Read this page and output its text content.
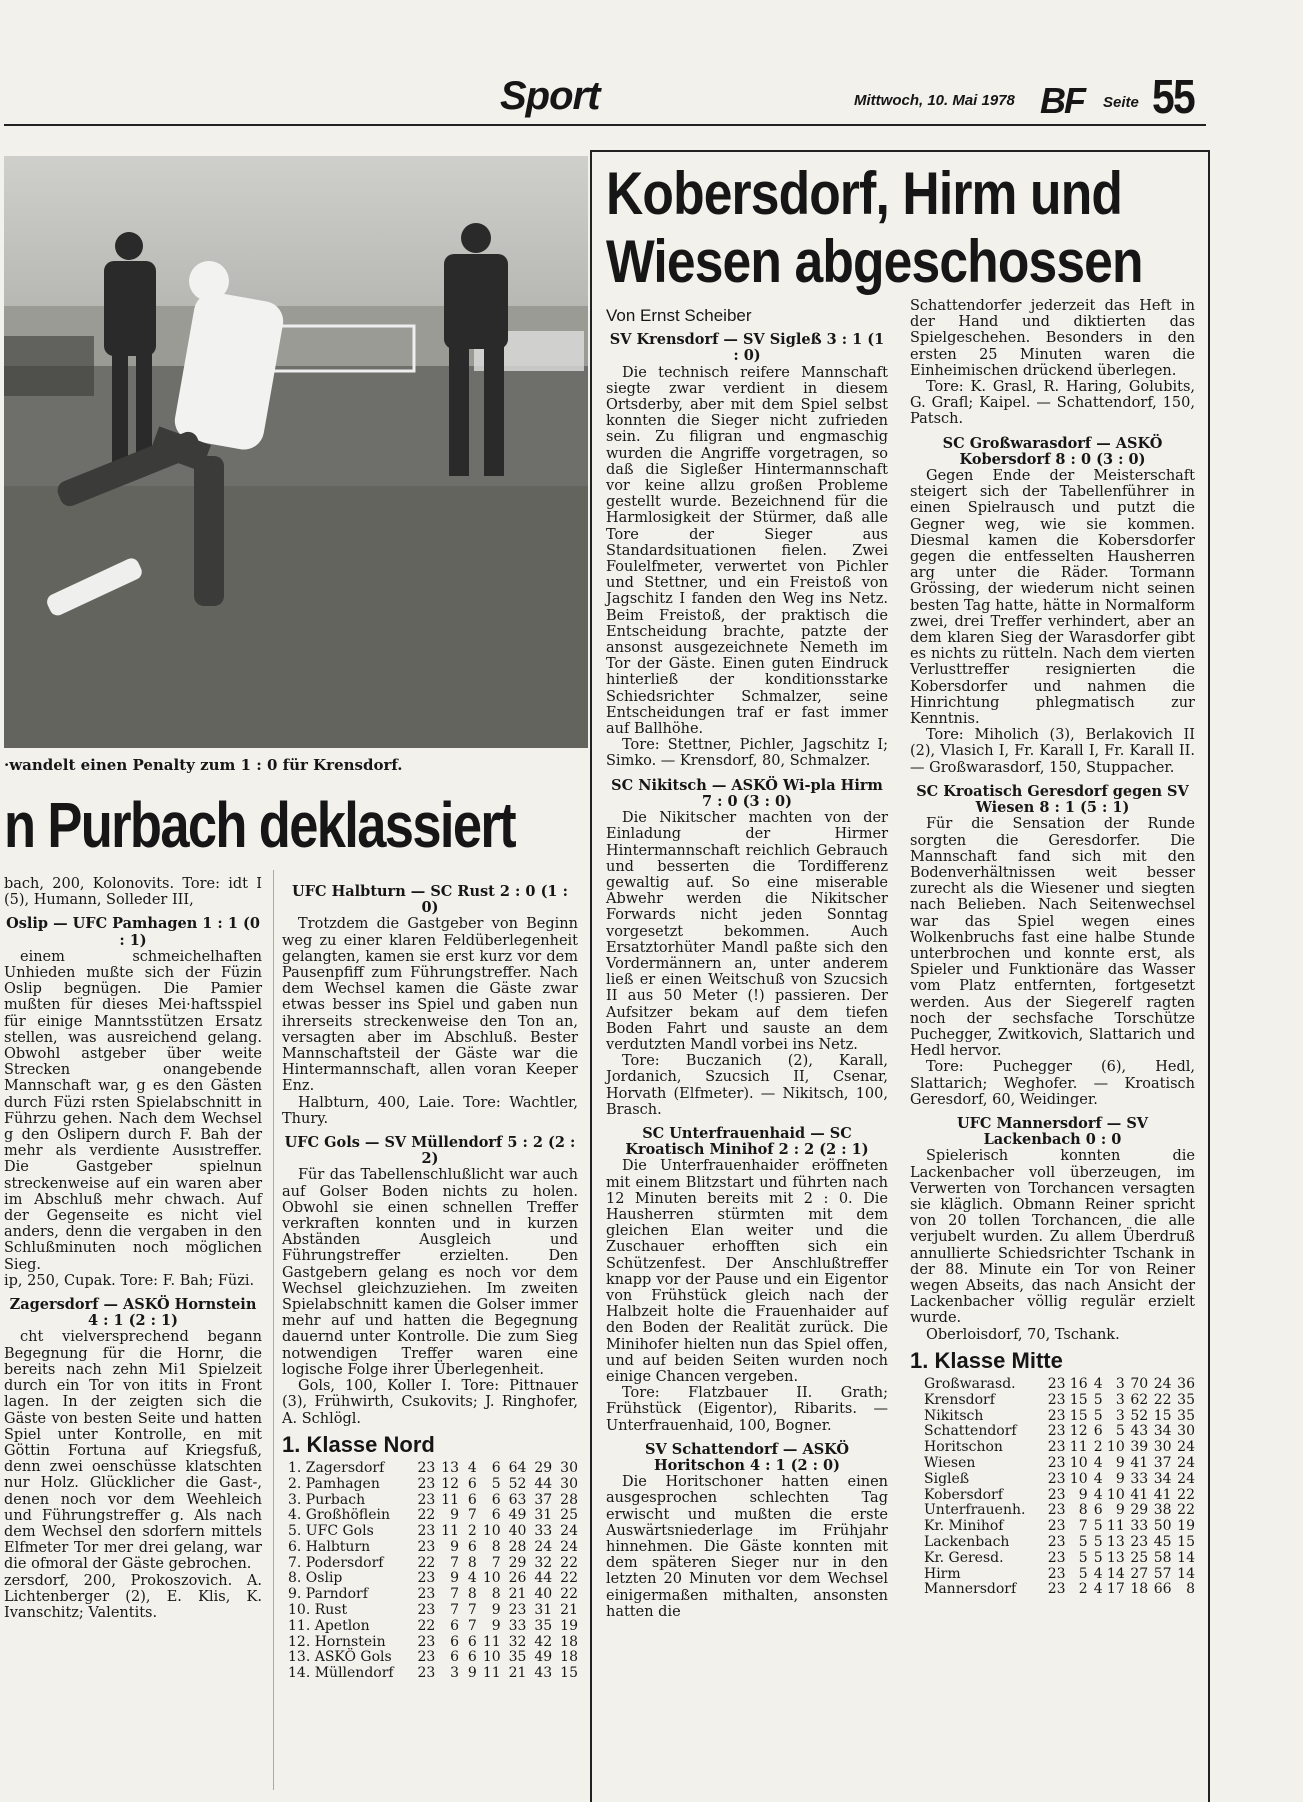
Sport	Mittwoch, 10. Mai 1978 BF Seite 55
·wandelt einen Penalty zum 1 : 0 für Krensdorf.
n Purbach deklassiert
Kobersdorf, Hirm und
Wiesen abgeschossen

bach, 200, Kolonovits. Tore: idt I (5), Humann, Solleder III,

Oslip — UFC Pamhagen 1 : 1 (0 : 1)

einem schmeichelhaften Unhieden mußte sich der Füzin Oslip begnügen. Die Pamier mußten für dieses Mei·haftsspiel für einige Manntsstützen Ersatz stellen, was ausreichend gelang. Obwohl astgeber über weite Strecken onangebende Mannschaft war, g es den Gästen durch Füzi rsten Spielabschnitt in Führzu gehen. Nach dem Wechsel g den Oslipern durch F. Bah der mehr als verdiente Ausıstreffer. Die Gastgeber spielnun streckenweise auf ein waren aber im Abschluß mehr chwach. Auf der Gegenseite es nicht viel anders, denn die vergaben in den Schlußminuten noch möglichen Sieg.

ip, 250, Cupak. Tore: F. Bah; Füzi.

Zagersdorf — ASKÖ Hornstein 4 : 1 (2 : 1)

cht vielversprechend begann Begegnung für die Hornr, die bereits nach zehn Mi1 Spielzeit durch ein Tor von itits in Front lagen. In der zeigten sich die Gäste von besten Seite und hatten Spiel unter Kontrolle, en mit Göttin Fortuna auf Kriegsfuß, denn zwei oenschüsse klatschten nur Holz. Glücklicher die Gast-, denen noch vor dem Weehleich und Führungstreffer g. Als nach dem Wechsel den sdorfern mittels Elfmeter Tor mer drei gelang, war die ofmoral der Gäste gebrochen.

zersdorf, 200, Prokoszovich. A. Lichtenberger (2), E. Klis, K. Ivanschitz; Valentits.

UFC Halbturn — SC Rust 2 : 0 (1 : 0)

Trotzdem die Gastgeber von Beginn weg zu einer klaren Feldüberlegenheit gelangten, kamen sie erst kurz vor dem Pausenpfiff zum Führungstreffer. Nach dem Wechsel kamen die Gäste zwar etwas besser ins Spiel und gaben nun ihrerseits streckenweise den Ton an, versagten aber im Abschluß. Bester Mannschaftsteil der Gäste war die Hintermannschaft, allen voran Keeper Enz.

Halbturn, 400, Laie. Tore: Wachtler, Thury.

UFC Gols — SV Müllendorf 5 : 2 (2 : 2)

Für das Tabellenschlußlicht war auch auf Golser Boden nichts zu holen. Obwohl sie einen schnellen Treffer verkraften konnten und in kurzen Abständen Ausgleich und Führungstreffer erzielten. Den Gastgebern gelang es noch vor dem Wechsel gleichzuziehen. Im zweiten Spielabschnitt kamen die Golser immer mehr auf und hatten die Begegnung dauernd unter Kontrolle. Die zum Sieg notwendigen Treffer waren eine logische Folge ihrer Überlegenheit.

Gols, 100, Koller I. Tore: Pittnauer (3), Frühwirth, Csukovits; J. Ringhofer, A. Schlögl.

1. Klasse Nord
1. Zagersdorf	23	13	4	6	64	29	30
2. Pamhagen	23	12	6	5	52	44	30
3. Purbach	23	11	6	6	63	37	28
4. Großhöflein	22	9	7	6	49	31	25
5. UFC Gols	23	11	2	10	40	33	24
6. Halbturn	23	9	6	8	28	24	24
7. Podersdorf	22	7	8	7	29	32	22
8. Oslip	23	9	4	10	26	44	22
9. Parndorf	23	7	8	8	21	40	22
10. Rust	23	7	7	9	23	31	21
11. Apetlon	22	6	7	9	33	35	19
12. Hornstein	23	6	6	11	32	42	18
13. ASKÖ Gols	23	6	6	10	35	49	18
14. Müllendorf	23	3	9	11	21	43	15

Von Ernst Scheiber

SV Krensdorf — SV Sigleß 3 : 1 (1 : 0)

Die technisch reifere Mannschaft siegte zwar verdient in diesem Ortsderby, aber mit dem Spiel selbst konnten die Sieger nicht zufrieden sein. Zu filigran und engmaschig wurden die Angriffe vorgetragen, so daß die Sigleßer Hintermannschaft vor keine allzu großen Probleme gestellt wurde. Bezeichnend für die Harmlosigkeit der Stürmer, daß alle Tore der Sieger aus Standardsituationen fielen. Zwei Foulelfmeter, verwertet von Pichler und Stettner, und ein Freistoß von Jagschitz I fanden den Weg ins Netz. Beim Freistoß, der praktisch die Entscheidung brachte, patzte der ansonst ausgezeichnete Nemeth im Tor der Gäste. Einen guten Eindruck hinterließ der konditionsstarke Schiedsrichter Schmalzer, seine Entscheidungen traf er fast immer auf Ballhöhe.

Tore: Stettner, Pichler, Jagschitz I; Simko. — Krensdorf, 80, Schmalzer.

SC Nikitsch — ASKÖ Wi-pla Hirm 7 : 0 (3 : 0)

Die Nikitscher machten von der Einladung der Hirmer Hintermannschaft reichlich Gebrauch und besserten die Tordifferenz gewaltig auf. So eine miserable Abwehr werden die Nikitscher Forwards nicht jeden Sonntag vorgesetzt bekommen. Auch Ersatztorhüter Mandl paßte sich den Vordermännern an, unter anderem ließ er einen Weitschuß von Szucsich II aus 50 Meter (!) passieren. Der Aufsitzer bekam auf dem tiefen Boden Fahrt und sauste an dem verdutzten Mandl vorbei ins Netz.

Tore: Buczanich (2), Karall, Jordanich, Szucsich II, Csenar, Horvath (Elfmeter). — Nikitsch, 100, Brasch.

SC Unterfrauenhaid — SC Kroatisch Minihof 2 : 2 (2 : 1)

Die Unterfrauenhaider eröffneten mit einem Blitzstart und führten nach 12 Minuten bereits mit 2 : 0. Die Hausherren stürmten mit dem gleichen Elan weiter und die Zuschauer erhofften sich ein Schützenfest. Der Anschlußtreffer knapp vor der Pause und ein Eigentor von Frühstück gleich nach der Halbzeit holte die Frauenhaider auf den Boden der Realität zurück. Die Minihofer hielten nun das Spiel offen, und auf beiden Seiten wurden noch einige Chancen vergeben.

Tore: Flatzbauer II. Grath; Frühstück (Eigentor), Ribarits. — Unterfrauenhaid, 100, Bogner.

SV Schattendorf — ASKÖ Horitschon 4 : 1 (2 : 0)

Die Horitschoner hatten einen ausgesprochen schlechten Tag erwischt und mußten die erste Auswärtsniederlage im Frühjahr hinnehmen. Die Gäste konnten mit dem späteren Sieger nur in den letzten 20 Minuten vor dem Wechsel einigermaßen mithalten, ansonsten hatten die

Schattendorfer jederzeit das Heft in der Hand und diktierten das Spielgeschehen. Besonders in den ersten 25 Minuten waren die Einheimischen drückend überlegen.

Tore: K. Grasl, R. Haring, Golubits, G. Grafl; Kaipel. — Schattendorf, 150, Patsch.

SC Großwarasdorf — ASKÖ Kobersdorf 8 : 0 (3 : 0)

Gegen Ende der Meisterschaft steigert sich der Tabellenführer in einen Spielrausch und putzt die Gegner weg, wie sie kommen. Diesmal kamen die Kobersdorfer gegen die entfesselten Hausherren arg unter die Räder. Tormann Grössing, der wiederum nicht seinen besten Tag hatte, hätte in Normalform zwei, drei Treffer verhindert, aber an dem klaren Sieg der Warasdorfer gibt es nichts zu rütteln. Nach dem vierten Verlusttreffer resignierten die Kobersdorfer und nahmen die Hinrichtung phlegmatisch zur Kenntnis.

Tore: Miholich (3), Berlakovich II (2), Vlasich I, Fr. Karall I, Fr. Karall II. — Großwarasdorf, 150, Stuppacher.

SC Kroatisch Geresdorf gegen SV Wiesen 8 : 1 (5 : 1)

Für die Sensation der Runde sorgten die Geresdorfer. Die Mannschaft fand sich mit den Bodenverhältnissen weit besser zurecht als die Wiesener und siegten nach Belieben. Nach Seitenwechsel war das Spiel wegen eines Wolkenbruchs fast eine halbe Stunde unterbrochen und konnte erst, als Spieler und Funktionäre das Wasser vom Platz entfernten, fortgesetzt werden. Aus der Siegerelf ragten noch der sechsfache Torschütze Puchegger, Zwitkovich, Slattarich und Hedl hervor.

Tore: Puchegger (6), Hedl, Slattarich; Weghofer. — Kroatisch Geresdorf, 60, Weidinger.

UFC Mannersdorf — SV Lackenbach 0 : 0

Spielerisch konnten die Lackenbacher voll überzeugen, im Verwerten von Torchancen versagten sie kläglich. Obmann Reiner spricht von 20 tollen Torchancen, die alle verjubelt wurden. Zu allem Überdruß annullierte Schiedsrichter Tschank in der 88. Minute ein Tor von Reiner wegen Abseits, das nach Ansicht der Lackenbacher völlig regulär erzielt wurde.

Oberloisdorf, 70, Tschank.

1. Klasse Mitte
Großwarasd.	23	16	4	3	70	24	36
Krensdorf	23	15	5	3	62	22	35
Nikitsch	23	15	5	3	52	15	35
Schattendorf	23	12	6	5	43	34	30
Horitschon	23	11	2	10	39	30	24
Wiesen	23	10	4	9	41	37	24
Sigleß	23	10	4	9	33	34	24
Kobersdorf	23	9	4	10	41	41	22
Unterfrauenh.	23	8	6	9	29	38	22
Kr. Minihof	23	7	5	11	33	50	19
Lackenbach	23	5	5	13	23	45	15
Kr. Geresd.	23	5	5	13	25	58	14
Hirm	23	5	4	14	27	57	14
Mannersdorf	23	2	4	17	18	66	8
